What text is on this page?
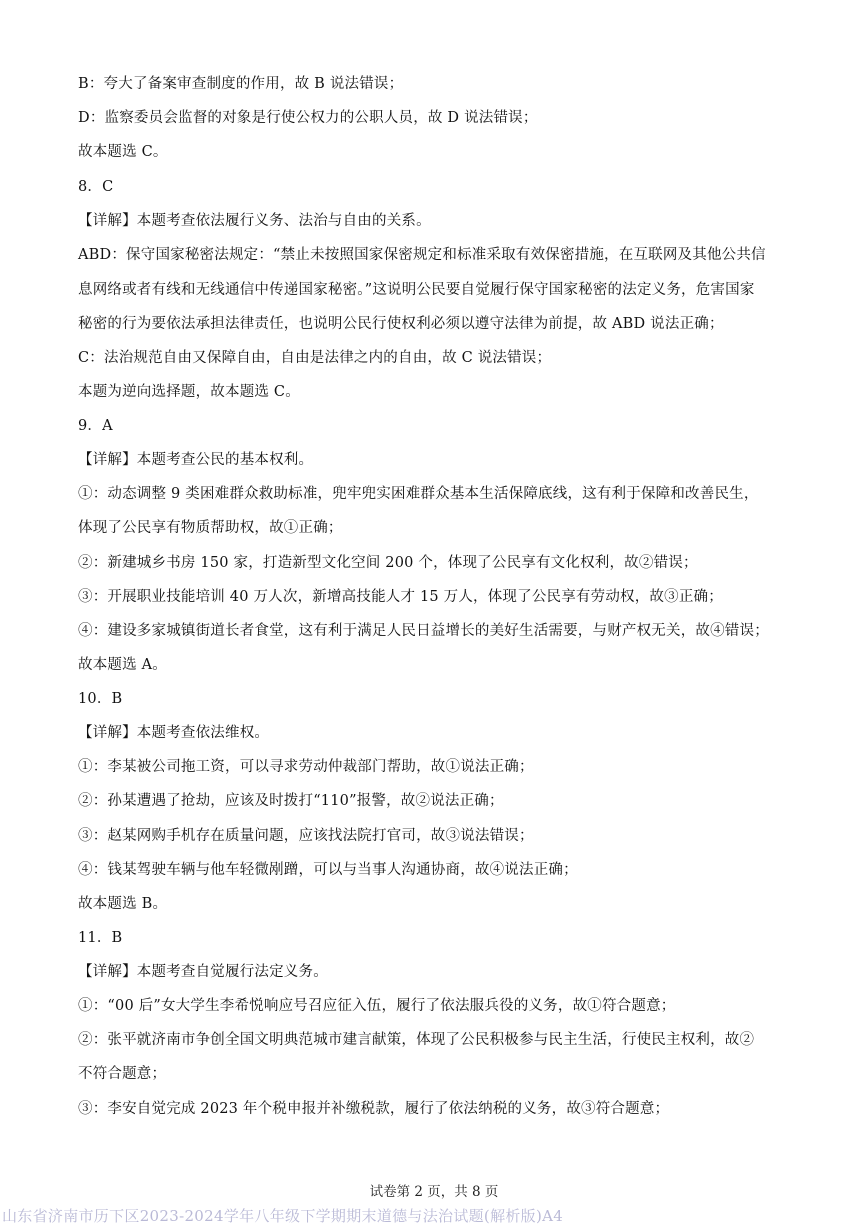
B：夸大了备案审查制度的作用，故 B 说法错误；
D：监察委员会监督的对象是行使公权力的公职人员，故 D 说法错误；
故本题选 C。
8．C
【详解】本题考查依法履行义务、法治与自由的关系。
ABD：保守国家秘密法规定：“禁止未按照国家保密规定和标准采取有效保密措施，在互联网及其他公共信
息网络或者有线和无线通信中传递国家秘密。”这说明公民要自觉履行保守国家秘密的法定义务，危害国家
秘密的行为要依法承担法律责任，也说明公民行使权利必须以遵守法律为前提，故 ABD 说法正确；
C：法治规范自由又保障自由，自由是法律之内的自由，故 C 说法错误；
本题为逆向选择题，故本题选 C。
9．A
【详解】本题考查公民的基本权利。
①：动态调整 9 类困难群众救助标准，兜牢兜实困难群众基本生活保障底线，这有利于保障和改善民生，
体现了公民享有物质帮助权，故①正确；
②：新建城乡书房 150 家，打造新型文化空间 200 个，体现了公民享有文化权利，故②错误；
③：开展职业技能培训 40 万人次，新增高技能人才 15 万人，体现了公民享有劳动权，故③正确；
④：建设多家城镇街道长者食堂，这有利于满足人民日益增长的美好生活需要，与财产权无关，故④错误；
故本题选 A。
10．B
【详解】本题考查依法维权。
①：李某被公司拖工资，可以寻求劳动仲裁部门帮助，故①说法正确；
②：孙某遭遇了抢劫，应该及时拨打“110”报警，故②说法正确；
③：赵某网购手机存在质量问题，应该找法院打官司，故③说法错误；
④：钱某驾驶车辆与他车轻微剐蹭，可以与当事人沟通协商，故④说法正确；
故本题选 B。
11．B
【详解】本题考查自觉履行法定义务。
①：“00 后”女大学生李希悦响应号召应征入伍，履行了依法服兵役的义务，故①符合题意；
②：张平就济南市争创全国文明典范城市建言献策，体现了公民积极参与民主生活，行使民主权利，故②
不符合题意；
③：李安自觉完成 2023 年个税申报并补缴税款，履行了依法纳税的义务，故③符合题意；
试卷第 2 页，共 8 页
山东省济南市历下区2023-2024学年八年级下学期期末道德与法治试题(解析版)A4
